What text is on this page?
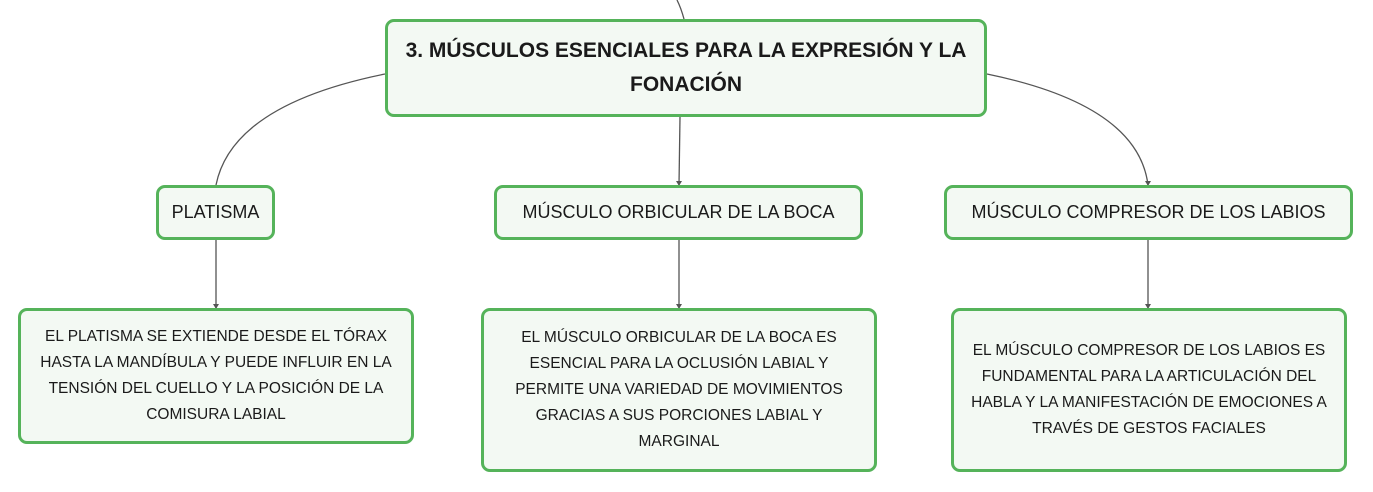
3. MÚSCULOS ESENCIALES PARA LA EXPRESIÓN Y LA FONACIÓN
PLATISMA	MÚSCULO ORBICULAR DE LA BOCA	MÚSCULO COMPRESOR DE LOS LABIOS
EL PLATISMA SE EXTIENDE DESDE EL TÓRAX HASTA LA MANDÍBULA Y PUEDE INFLUIR EN LA TENSIÓN DEL CUELLO Y LA POSICIÓN DE LA COMISURA LABIAL
EL MÚSCULO ORBICULAR DE LA BOCA ES ESENCIAL PARA LA OCLUSIÓN LABIAL Y PERMITE UNA VARIEDAD DE MOVIMIENTOS GRACIAS A SUS PORCIONES LABIAL Y MARGINAL
EL MÚSCULO COMPRESOR DE LOS LABIOS ES FUNDAMENTAL PARA LA ARTICULACIÓN DEL HABLA Y LA MANIFESTACIÓN DE EMOCIONES A TRAVÉS DE GESTOS FACIALES
